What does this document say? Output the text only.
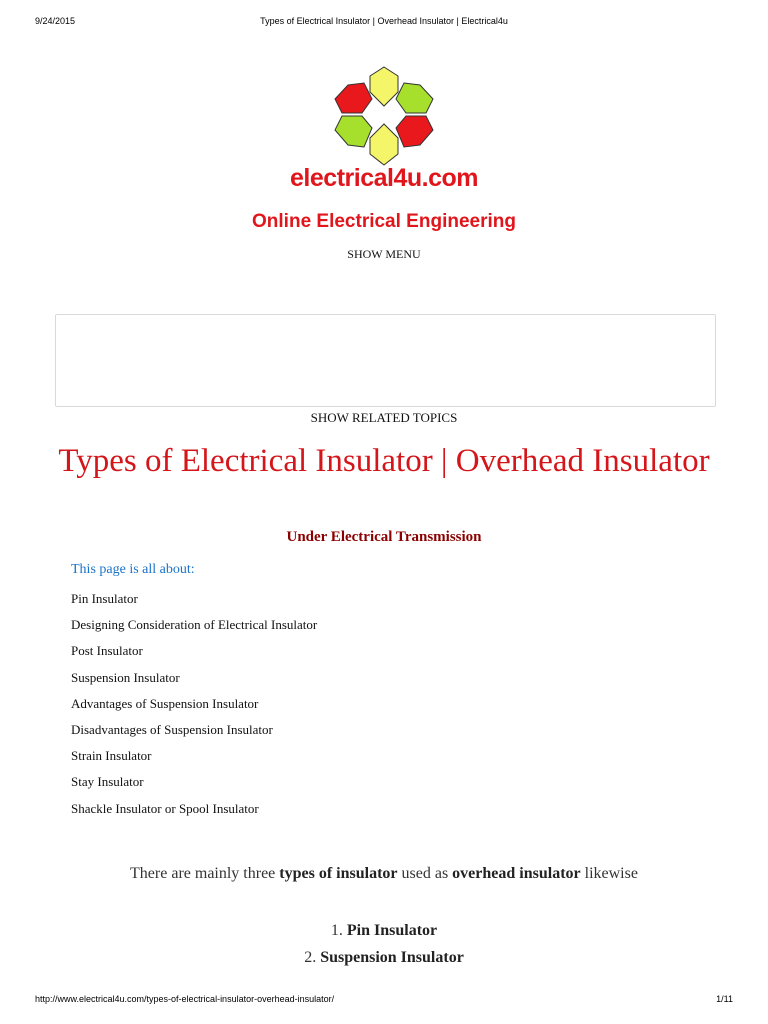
9/24/2015	Types of Electrical Insulator | Overhead Insulator | Electrical4u
electrical4u.com
Online Electrical Engineering
SHOW MENU
SHOW RELATED TOPICS
Types of Electrical Insulator | Overhead Insulator
Under Electrical Transmission
This page is all about:
Pin Insulator
Designing Consideration of Electrical Insulator
Post Insulator
Suspension Insulator
Advantages of Suspension Insulator
Disadvantages of Suspension Insulator
Strain Insulator
Stay Insulator
Shackle Insulator or Spool Insulator
There are mainly three types of insulator used as overhead insulator likewise
1. Pin Insulator
2. Suspension Insulator
http://www.electrical4u.com/types-of-electrical-insulator-overhead-insulator/	1/11
